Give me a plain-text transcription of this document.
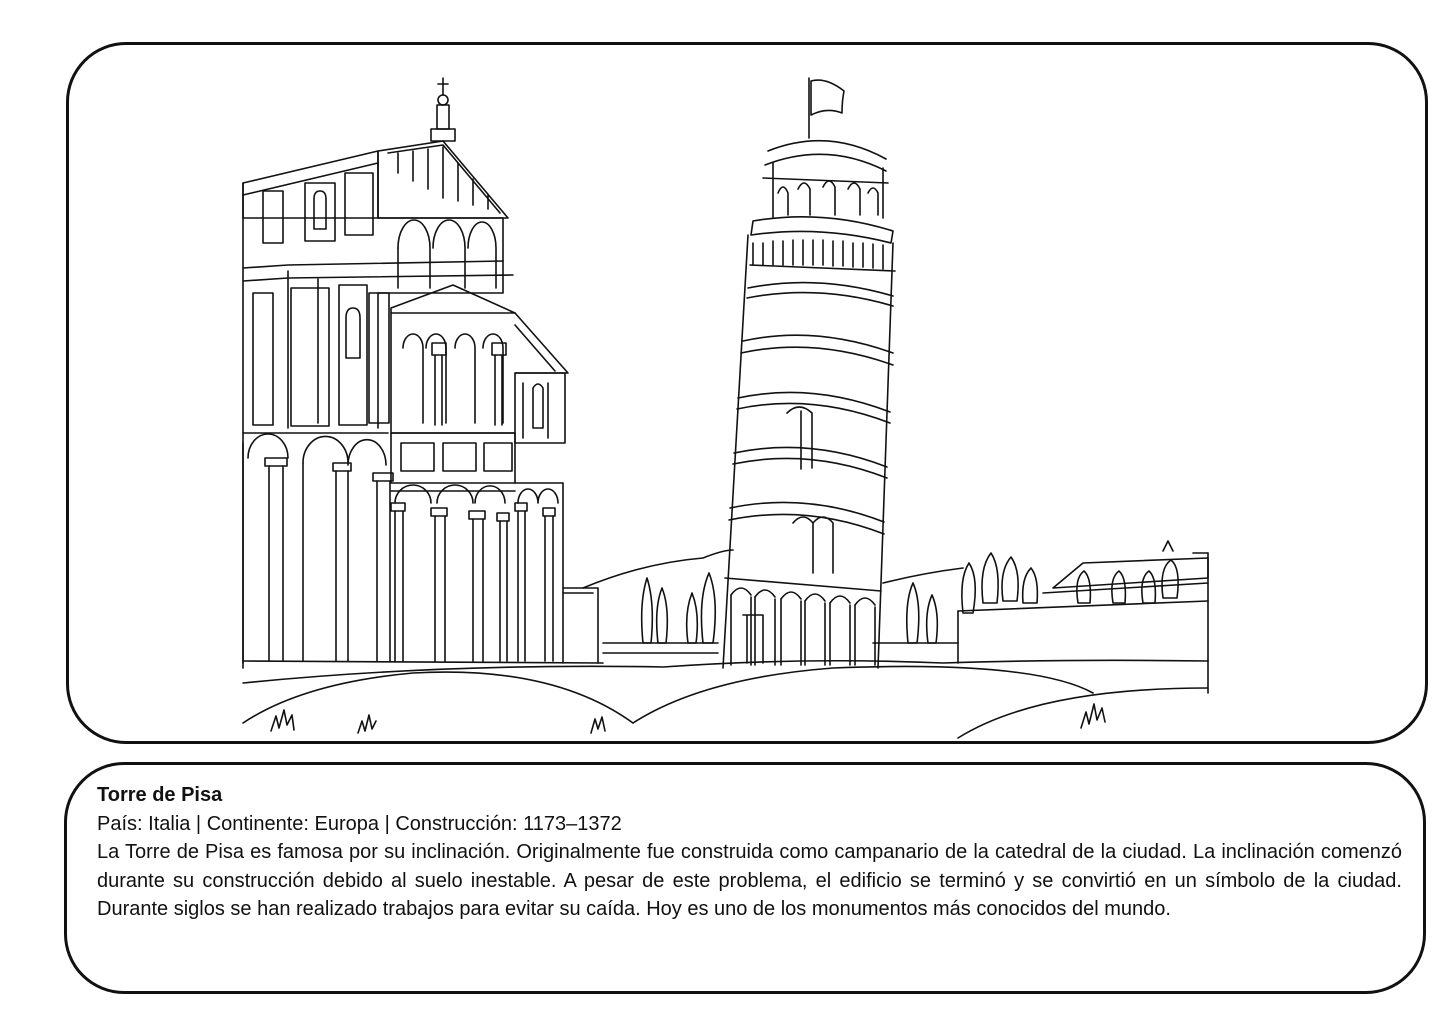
Torre de Pisa
País: Italia | Continente: Europa | Construcción: 1173–1372
La Torre de Pisa es famosa por su inclinación. Originalmente fue construida como campanario de la catedral de la ciudad. La inclinación comenzó durante su construcción debido al suelo inestable. A pesar de este problema, el edificio se terminó y se convirtió en un símbolo de la ciudad. Durante siglos se han realizado trabajos para evitar su caída. Hoy es uno de los monumentos más conocidos del mundo.
